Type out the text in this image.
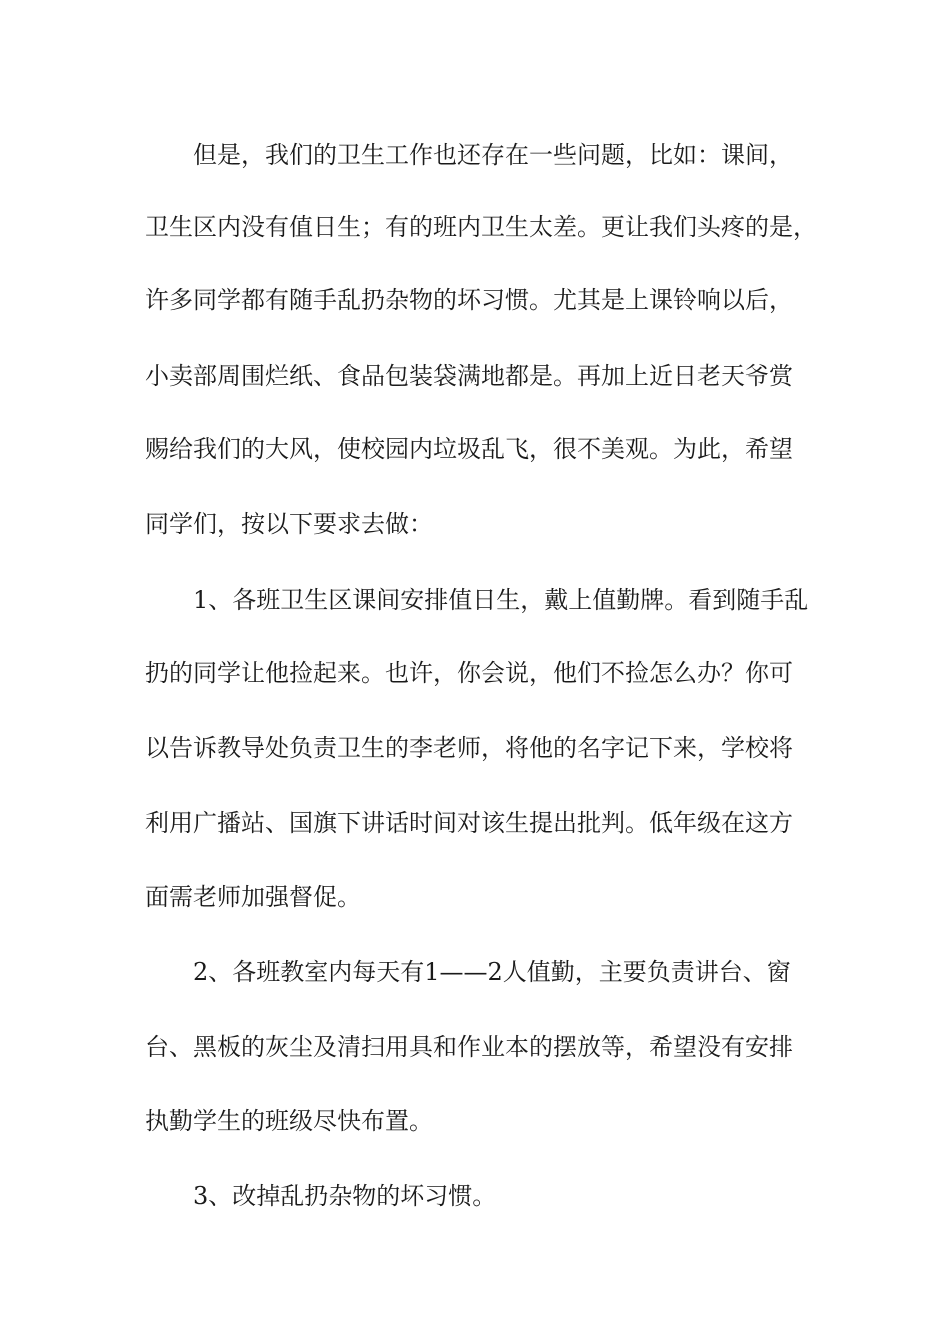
但是，我们的卫生工作也还存在一些问题，比如：课间，

卫生区内没有值日生；有的班内卫生太差。更让我们头疼的是，

许多同学都有随手乱扔杂物的坏习惯。尤其是上课铃响以后，

小卖部周围烂纸、食品包装袋满地都是。再加上近日老天爷赏

赐给我们的大风，使校园内垃圾乱飞，很不美观。为此，希望

同学们，按以下要求去做：

1、各班卫生区课间安排值日生，戴上值勤牌。看到随手乱

扔的同学让他捡起来。也许，你会说，他们不捡怎么办？你可

以告诉教导处负责卫生的李老师，将他的名字记下来，学校将

利用广播站、国旗下讲话时间对该生提出批判。低年级在这方

面需老师加强督促。

2、各班教室内每天有1——2人值勤，主要负责讲台、窗

台、黑板的灰尘及清扫用具和作业本的摆放等，希望没有安排

执勤学生的班级尽快布置。

3、改掉乱扔杂物的坏习惯。
